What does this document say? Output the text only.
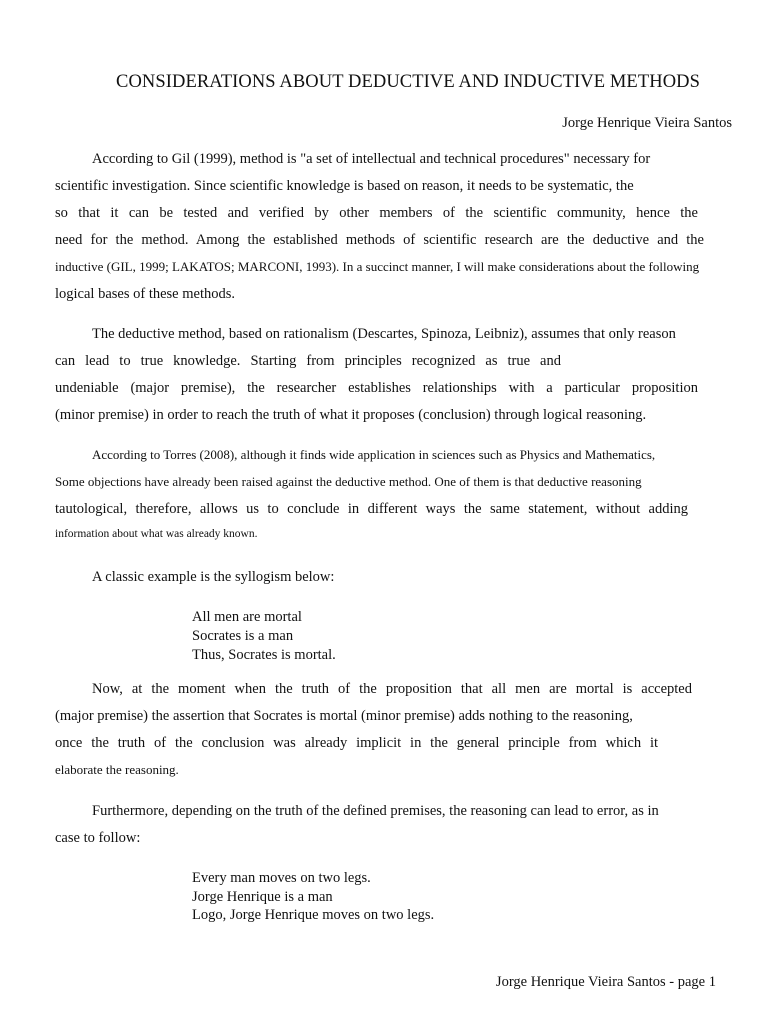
CONSIDERATIONS ABOUT DEDUCTIVE AND INDUCTIVE METHODS
Jorge Henrique Vieira Santos
According to Gil (1999), method is "a set of intellectual and technical procedures" necessary for
scientific investigation. Since scientific knowledge is based on reason, it needs to be systematic, the
so that it can be tested and verified by other members of the scientific community, hence the
need for the method. Among the established methods of scientific research are the deductive and the
inductive (GIL, 1999; LAKATOS; MARCONI, 1993). In a succinct manner, I will make considerations about the following
logical bases of these methods.
The deductive method, based on rationalism (Descartes, Spinoza, Leibniz), assumes that only reason
can lead to true knowledge. Starting from principles recognized as true and
undeniable (major premise), the researcher establishes relationships with a particular proposition
(minor premise) in order to reach the truth of what it proposes (conclusion) through logical reasoning.
According to Torres (2008), although it finds wide application in sciences such as Physics and Mathematics,
Some objections have already been raised against the deductive method. One of them is that deductive reasoning
tautological, therefore, allows us to conclude in different ways the same statement, without adding
information about what was already known.
A classic example is the syllogism below:
All men are mortal
Socrates is a man
Thus, Socrates is mortal.
Now, at the moment when the truth of the proposition that all men are mortal is accepted
(major premise) the assertion that Socrates is mortal (minor premise) adds nothing to the reasoning,
once the truth of the conclusion was already implicit in the general principle from which it
elaborate the reasoning.
Furthermore, depending on the truth of the defined premises, the reasoning can lead to error, as in
case to follow:
Every man moves on two legs.
Jorge Henrique is a man
Logo, Jorge Henrique moves on two legs.
Jorge Henrique Vieira Santos - page 1
